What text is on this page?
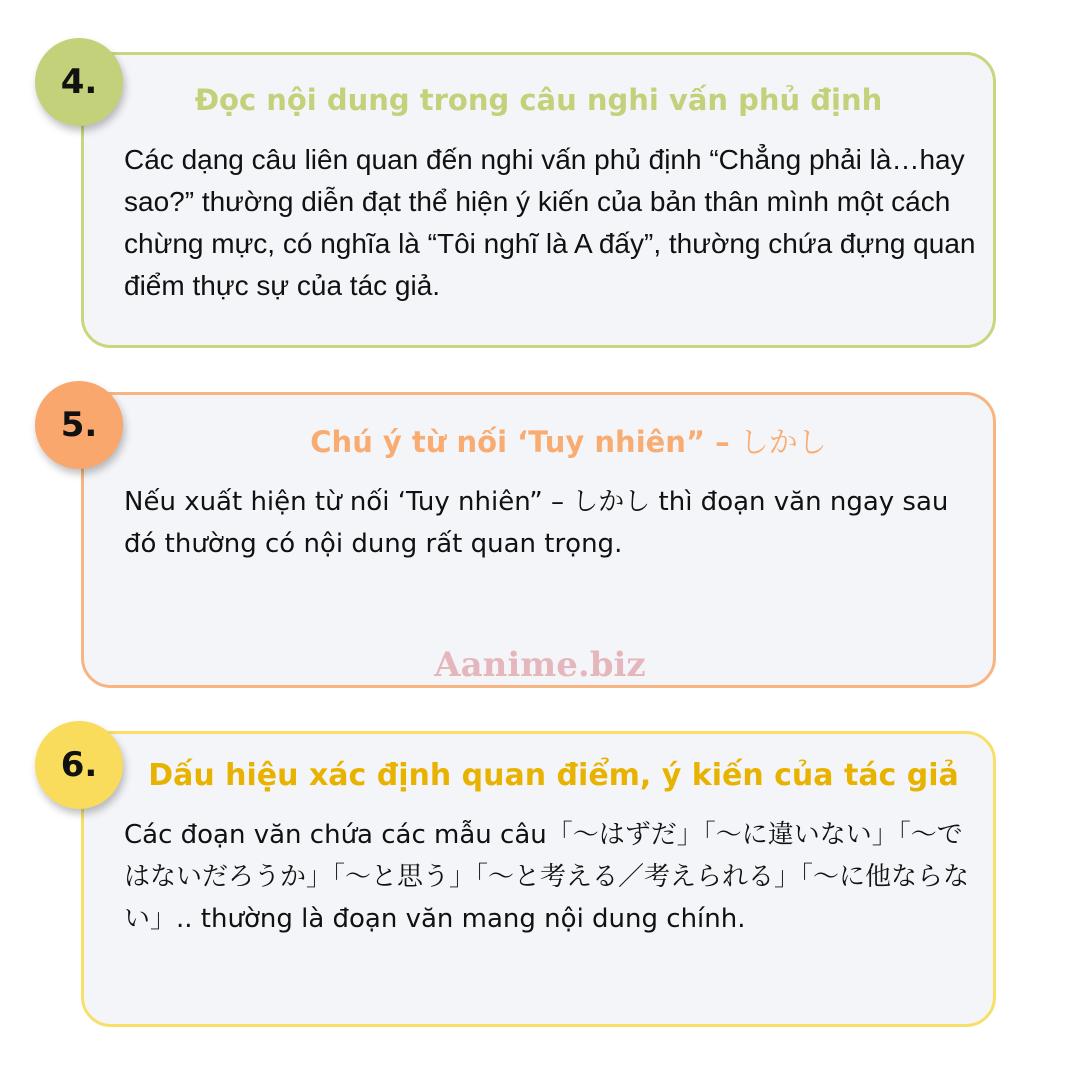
Đọc nội dung trong câu nghi vấn phủ định
Các dạng câu liên quan đến nghi vấn phủ định “Chẳng phải là…hay sao?” thường diễn đạt thể hiện ý kiến của bản thân mình một cách chừng mực, có nghĩa là “Tôi nghĩ là A đấy”, thường chứa đựng quan điểm thực sự của tác giả.
4.
Chú ý từ nối ‘Tuy nhiên” – しかし
Nếu xuất hiện từ nối ‘Tuy nhiên” – しかし thì đoạn văn ngay sau đó thường có nội dung rất quan trọng.
5.
Dấu hiệu xác định quan điểm, ý kiến của tác giả
Các đoạn văn chứa các mẫu câu「〜はずだ」「〜に違いない」「〜ではないだろうか」「〜と思う」「〜と考える／考えられる」「〜に他ならない」.. thường là đoạn văn mang nội dung chính.
6.
Aanime.biz
